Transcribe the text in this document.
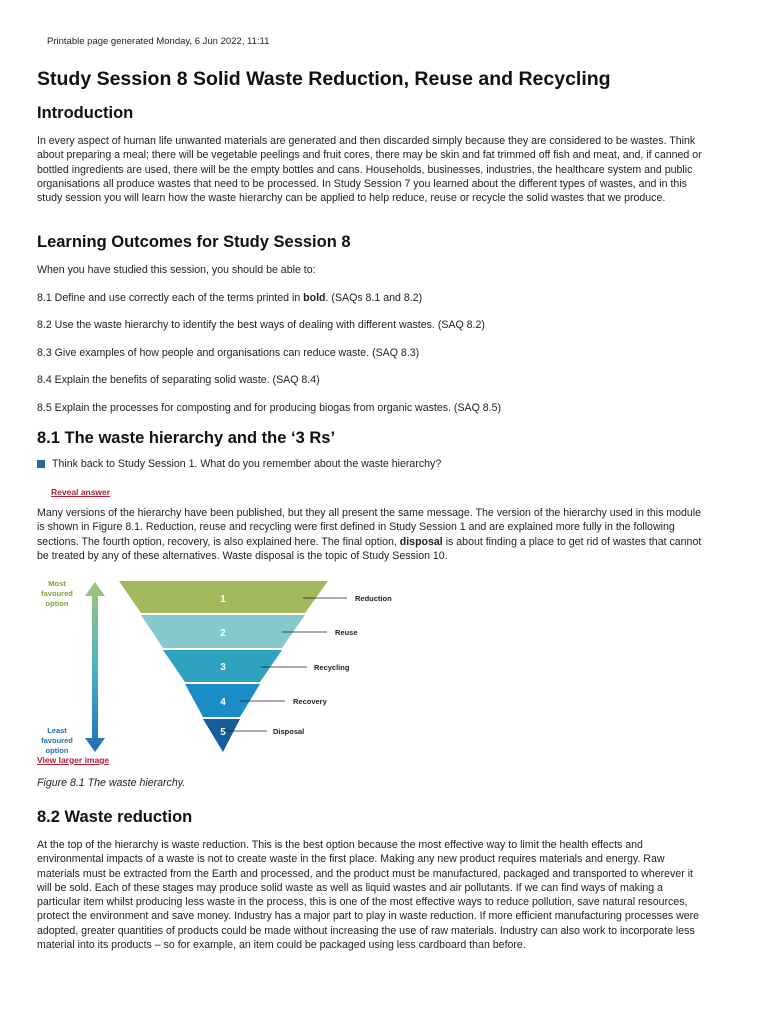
Printable page generated Monday, 6 Jun 2022, 11:11
Study Session 8 Solid Waste Reduction, Reuse and Recycling
Introduction

In every aspect of human life unwanted materials are generated and then discarded simply because they are considered to be wastes. Think about preparing a meal; there will be vegetable peelings and fruit cores, there may be skin and fat trimmed off fish and meat, and, if canned or bottled ingredients are used, there will be the empty bottles and cans. Households, businesses, industries, the healthcare system and public organisations all produce wastes that need to be processed. In Study Session 7 you learned about the different types of wastes, and in this study session you will learn how the waste hierarchy can be applied to help reduce, reuse or recycle the solid wastes that we produce.

Learning Outcomes for Study Session 8
When you have studied this session, you should be able to:
8.1 Define and use correctly each of the terms printed in bold. (SAQs 8.1 and 8.2)
8.2 Use the waste hierarchy to identify the best ways of dealing with different wastes. (SAQ 8.2)
8.3 Give examples of how people and organisations can reduce waste. (SAQ 8.3)
8.4 Explain the benefits of separating solid waste. (SAQ 8.4)
8.5 Explain the processes for composting and for producing biogas from organic wastes. (SAQ 8.5)
8.1 The waste hierarchy and the ‘3 Rs’
Think back to Study Session 1. What do you remember about the waste hierarchy?
Reveal answer

Many versions of the hierarchy have been published, but they all present the same message. The version of the hierarchy used in this module is shown in Figure 8.1. Reduction, reuse and recycling were first defined in Study Session 1 and are explained more fully in the following sections. The fourth option, recovery, is also explained here. The final option, disposal is about finding a place to get rid of wastes that cannot be treated by any of these alternatives. Waste disposal is the topic of Study Session 10.

Most
favoured
option
Least
favoured
option
1
2
3
4
5
Reduction
Reuse
Recycling
Recovery
Disposal
View larger image
Figure 8.1 The waste hierarchy.
8.2 Waste reduction

At the top of the hierarchy is waste reduction. This is the best option because the most effective way to limit the health effects and environmental impacts of a waste is not to create waste in the first place. Making any new product requires materials and energy. Raw materials must be extracted from the Earth and processed, and the product must be manufactured, packaged and transported to wherever it will be sold. Each of these stages may produce solid waste as well as liquid wastes and air pollutants. If we can find ways of making a particular item whilst producing less waste in the process, this is one of the most effective ways to reduce pollution, save natural resources, protect the environment and save money. Industry has a major part to play in waste reduction. If more efficient manufacturing processes were adopted, greater quantities of products could be made without increasing the use of raw materials. Industry can also work to incorporate less material into its products – so for example, an item could be packaged using less cardboard than before.
